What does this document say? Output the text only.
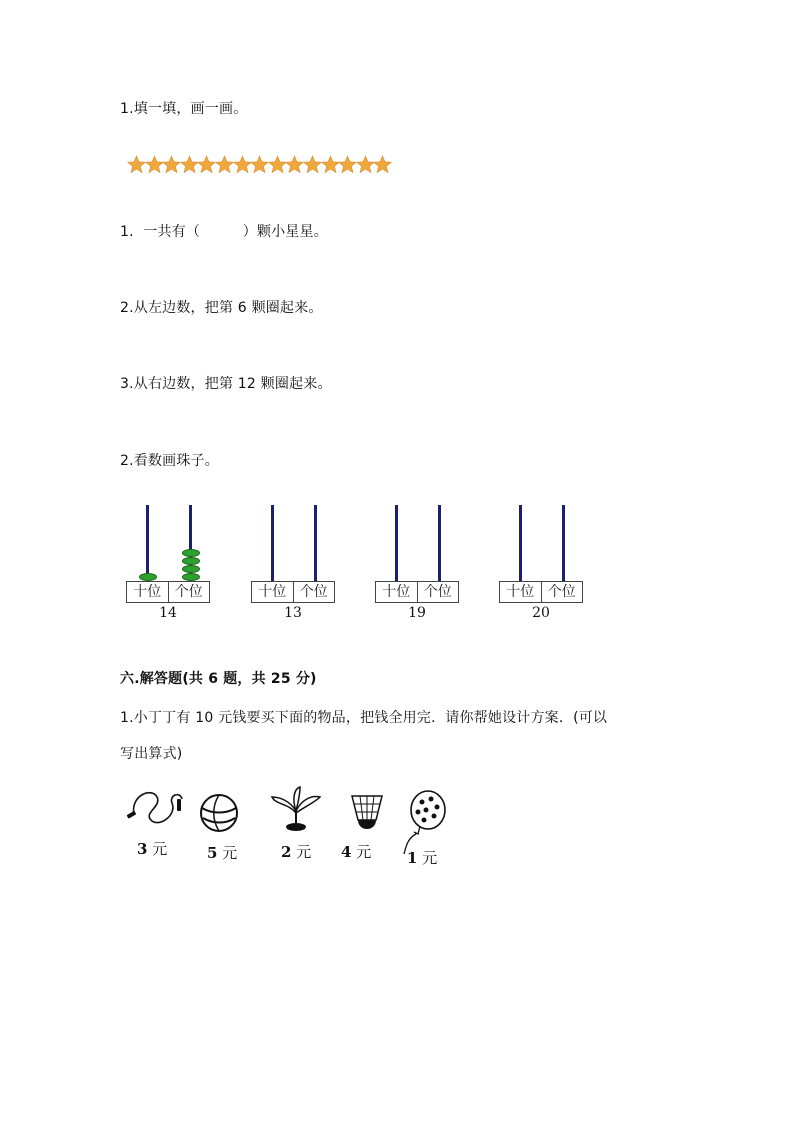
1.填一填，画一画。
1．一共有（　　　）颗小星星。
2.从左边数，把第 6 颗圈起来。
3.从右边数，把第 12 颗圈起来。
2.看数画珠子。
十位 个位
14
十位 个位
13
十位 个位
19
十位 个位
20
六.解答题(共 6 题，共 25 分)
1.小丁丁有 10 元钱要买下面的物品，把钱全用完．请你帮她设计方案．(可以
写出算式)
3 元	5 元	2 元 4 元 1 元
